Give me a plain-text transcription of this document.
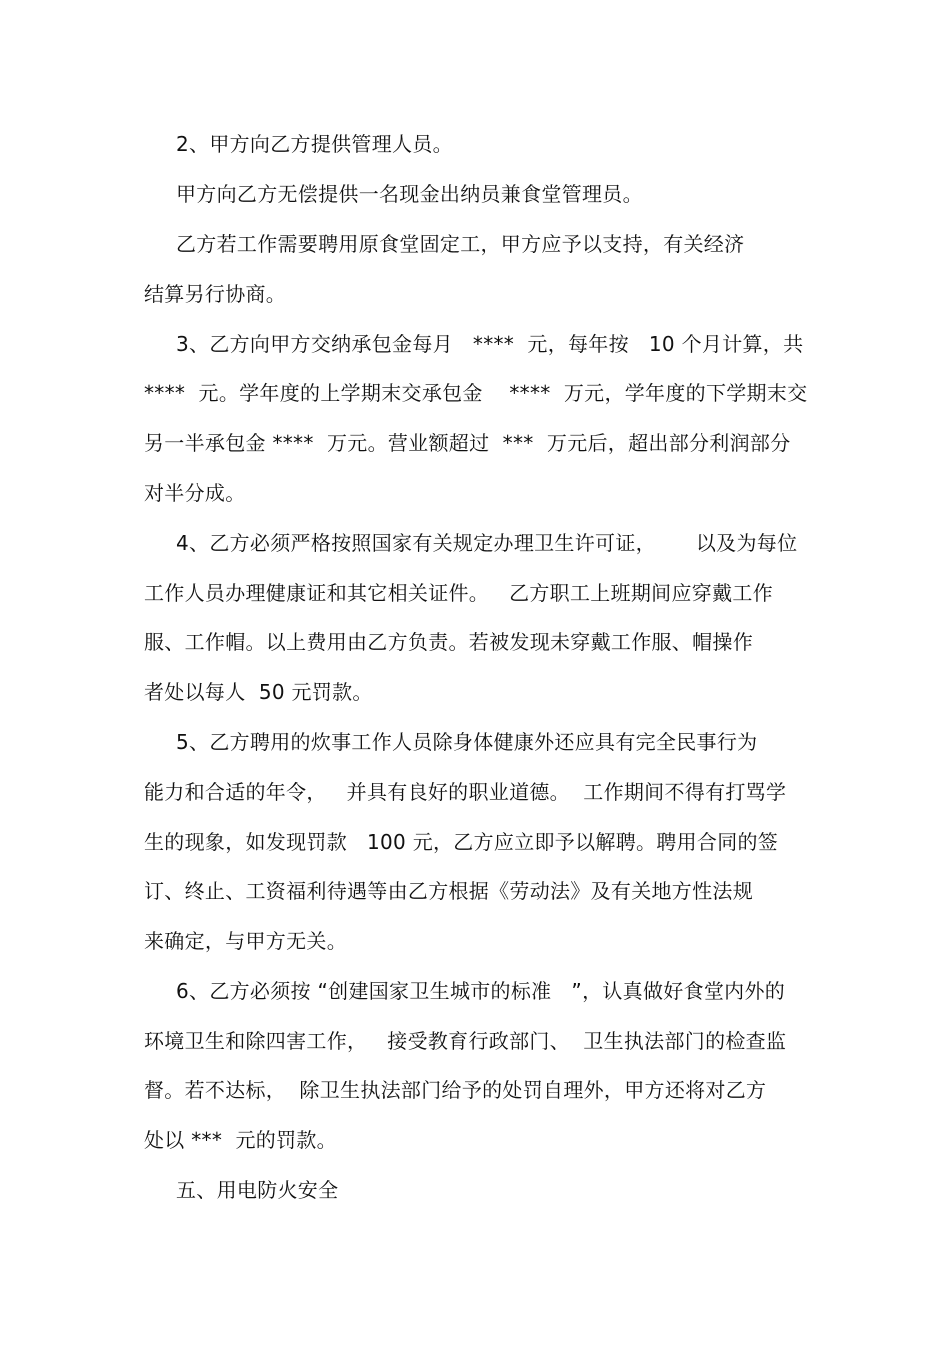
2、甲方向乙方提供管理人员。
甲方向乙方无偿提供一名现金出纳员兼食堂管理员。
乙方若工作需要聘用原食堂固定工，甲方应予以支持，有关经济
结算另行协商。
3、乙方向甲方交纳承包金每月   ****  元，每年按   10 个月计算，共
****  元。学年度的上学期末交承包金    ****  万元，学年度的下学期末交
另一半承包金 ****  万元。营业额超过  ***  万元后，超出部分利润部分
对半分成。
4、乙方必须严格按照国家有关规定办理卫生许可证，      以及为每位
工作人员办理健康证和其它相关证件。   乙方职工上班期间应穿戴工作
服、工作帽。以上费用由乙方负责。若被发现未穿戴工作服、帽操作
者处以每人  50 元罚款。
5、乙方聘用的炊事工作人员除身体健康外还应具有完全民事行为
能力和合适的年令，   并具有良好的职业道德。  工作期间不得有打骂学
生的现象，如发现罚款   100 元，乙方应立即予以解聘。聘用合同的签
订、终止、工资福利待遇等由乙方根据《劳动法》及有关地方性法规
来确定，与甲方无关。
6、乙方必须按 “创建国家卫生城市的标准   ”，认真做好食堂内外的
环境卫生和除四害工作，   接受教育行政部门、  卫生执法部门的检查监
督。若不达标，  除卫生执法部门给予的处罚自理外，甲方还将对乙方
处以 ***  元的罚款。
五、用电防火安全
